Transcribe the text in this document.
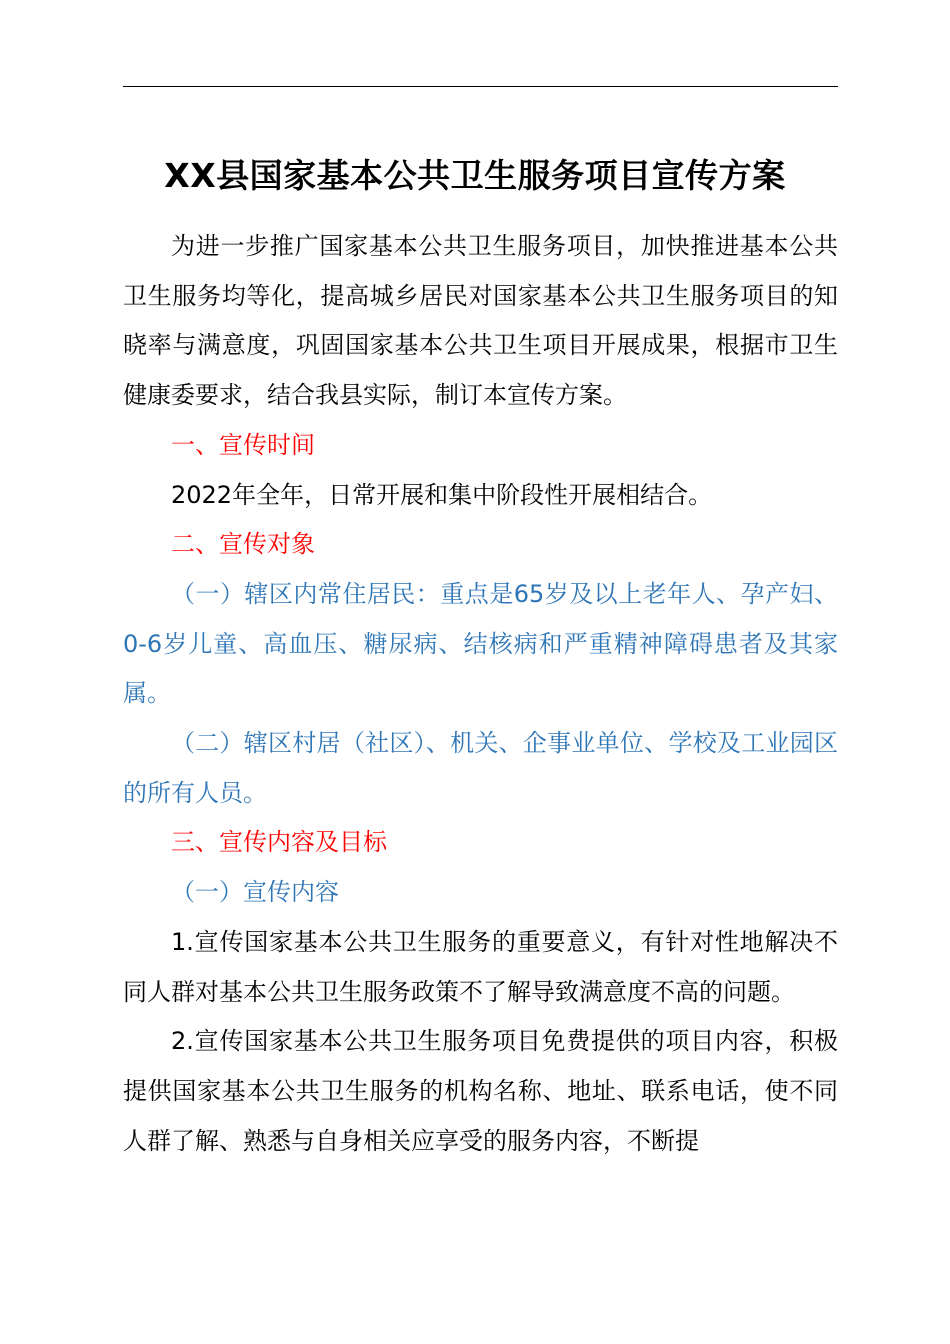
XX县国家基本公共卫生服务项目宣传方案

为进一步推广国家基本公共卫生服务项目，加快推进基本公共卫生服务均等化，提高城乡居民对国家基本公共卫生服务项目的知晓率与满意度，巩固国家基本公共卫生项目开展成果，根据市卫生健康委要求，结合我县实际，制订本宣传方案。

一、宣传时间

2022年全年，日常开展和集中阶段性开展相结合。

二、宣传对象

（一）辖区内常住居民：重点是65岁及以上老年人、孕产妇、0-6岁儿童、高血压、糖尿病、结核病和严重精神障碍患者及其家属。

（二）辖区村居（社区）、机关、企事业单位、学校及工业园区的所有人员。

三、宣传内容及目标

（一）宣传内容

1.宣传国家基本公共卫生服务的重要意义，有针对性地解决不同人群对基本公共卫生服务政策不了解导致满意度不高的问题。

2.宣传国家基本公共卫生服务项目免费提供的项目内容，积极提供国家基本公共卫生服务的机构名称、地址、联系电话，使不同人群了解、熟悉与自身相关应享受的服务内容，不断提
